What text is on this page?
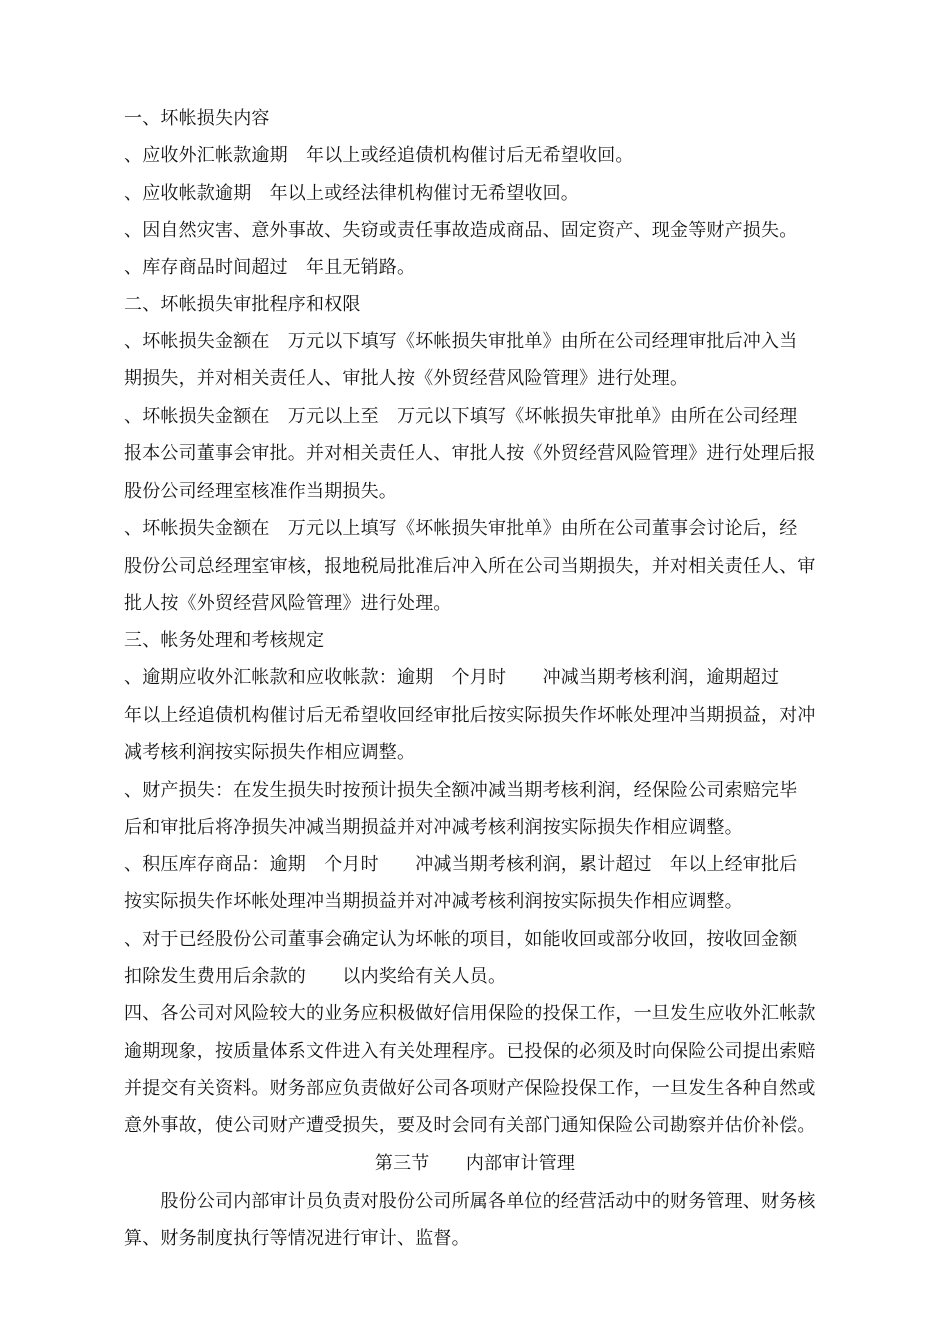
一、坏帐损失内容
、应收外汇帐款逾期　年以上或经追债机构催讨后无希望收回。
、应收帐款逾期　年以上或经法律机构催讨无希望收回。
、因自然灾害、意外事故、失窃或责任事故造成商品、固定资产、现金等财产损失。
、库存商品时间超过　年且无销路。
二、坏帐损失审批程序和权限
、坏帐损失金额在　万元以下填写《坏帐损失审批单》由所在公司经理审批后冲入当
期损失，并对相关责任人、审批人按《外贸经营风险管理》进行处理。
、坏帐损失金额在　万元以上至　万元以下填写《坏帐损失审批单》由所在公司经理
报本公司董事会审批。并对相关责任人、审批人按《外贸经营风险管理》进行处理后报
股份公司经理室核准作当期损失。
、坏帐损失金额在　万元以上填写《坏帐损失审批单》由所在公司董事会讨论后，经
股份公司总经理室审核，报地税局批准后冲入所在公司当期损失，并对相关责任人、审
批人按《外贸经营风险管理》进行处理。
三、帐务处理和考核规定
、逾期应收外汇帐款和应收帐款：逾期　个月时　　冲减当期考核利润，逾期超过
年以上经追债机构催讨后无希望收回经审批后按实际损失作坏帐处理冲当期损益，对冲
减考核利润按实际损失作相应调整。
、财产损失：在发生损失时按预计损失全额冲减当期考核利润，经保险公司索赔完毕
后和审批后将净损失冲减当期损益并对冲减考核利润按实际损失作相应调整。
、积压库存商品：逾期　个月时　　冲减当期考核利润，累计超过　年以上经审批后
按实际损失作坏帐处理冲当期损益并对冲减考核利润按实际损失作相应调整。
、对于已经股份公司董事会确定认为坏帐的项目，如能收回或部分收回，按收回金额
扣除发生费用后余款的　　以内奖给有关人员。
四、各公司对风险较大的业务应积极做好信用保险的投保工作，一旦发生应收外汇帐款
逾期现象，按质量体系文件进入有关处理程序。已投保的必须及时向保险公司提出索赔
并提交有关资料。财务部应负责做好公司各项财产保险投保工作，一旦发生各种自然或
意外事故，使公司财产遭受损失，要及时会同有关部门通知保险公司勘察并估价补偿。
第三节　　内部审计管理
　　股份公司内部审计员负责对股份公司所属各单位的经营活动中的财务管理、财务核
算、财务制度执行等情况进行审计、监督。
